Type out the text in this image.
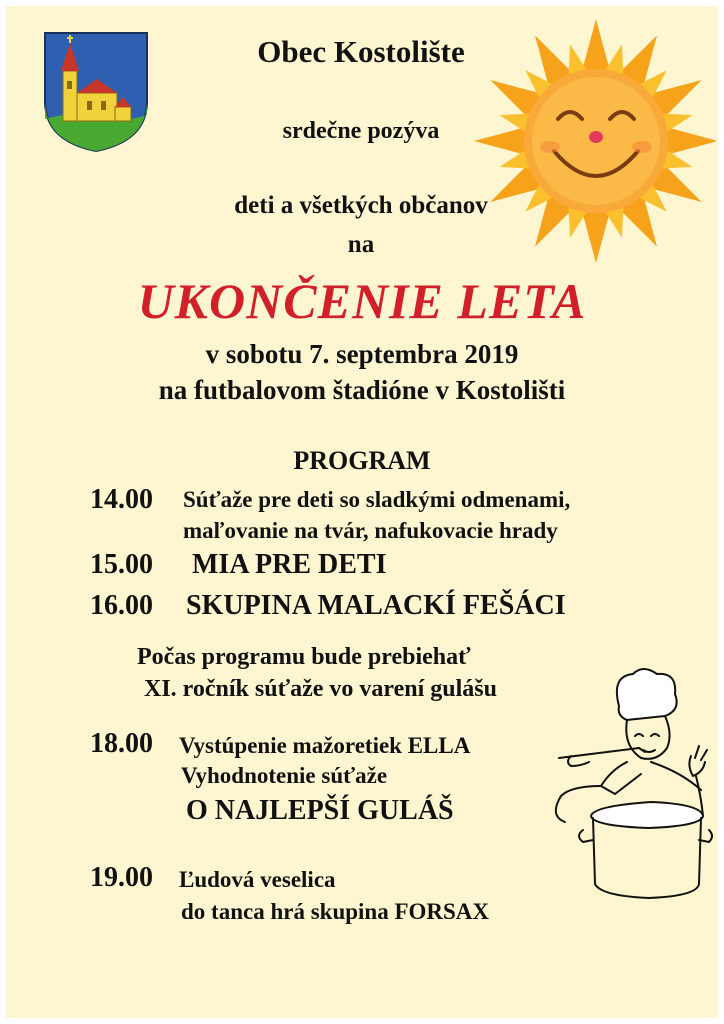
Obec Kostolište
srdečne pozýva
deti a všetkých občanov
na
UKONČENIE LETA
v sobotu 7. septembra 2019
na futbalovom štadióne v Kostolišti
PROGRAM
14.00 Súťaže pre deti so sladkými odmenami,
maľovanie na tvár, nafukovacie hrady
15.00 MIA PRE DETI
16.00 SKUPINA MALACKÍ FEŠÁCI
Počas programu bude prebiehať
XI. ročník súťaže vo varení gulášu
18.00 Vystúpenie mažoretiek ELLA
Vyhodnotenie súťaže
O NAJLEPŠÍ GULÁŠ
19.00 Ľudová veselica
do tanca hrá skupina FORSAX
